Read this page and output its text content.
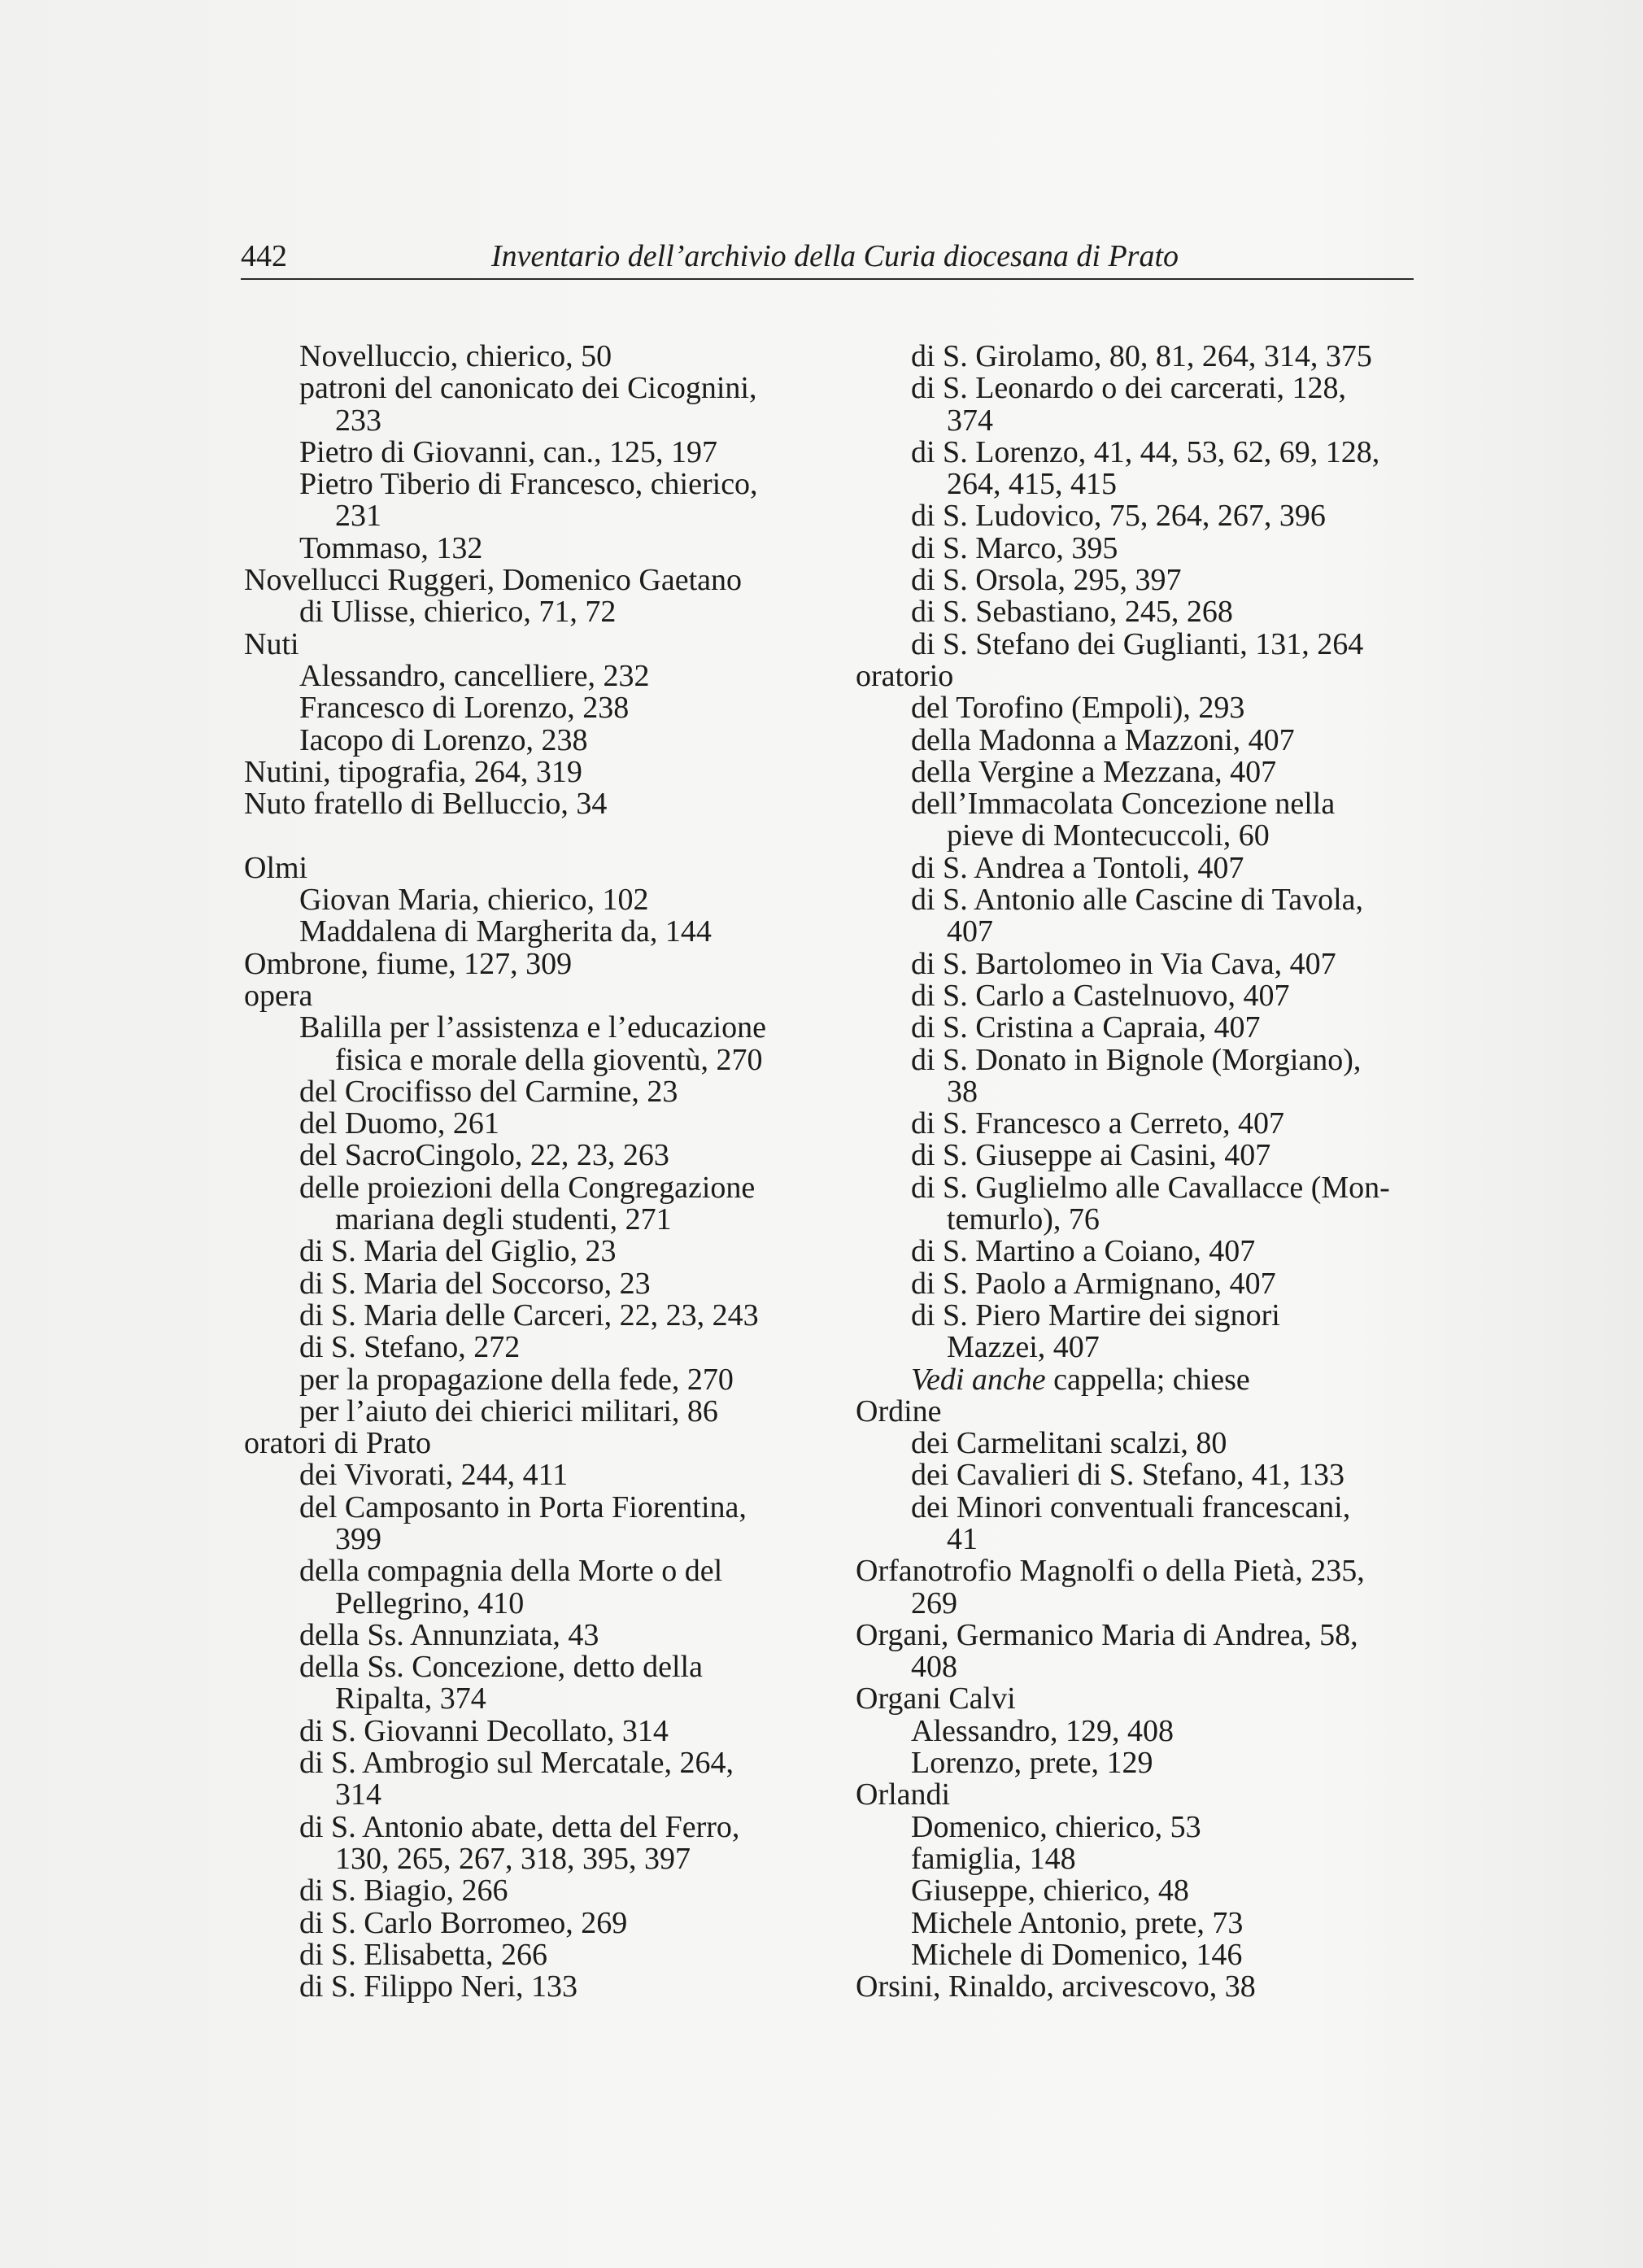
442	Inventario dell’archivio della Curia diocesana di Prato
Novelluccio, chierico, 50
patroni del canonicato dei Cicognini,
233
Pietro di Giovanni, can., 125, 197
Pietro Tiberio di Francesco, chierico,
231
Tommaso, 132
Novellucci Ruggeri, Domenico Gaetano
di Ulisse, chierico, 71, 72
Nuti
Alessandro, cancelliere, 232
Francesco di Lorenzo, 238
Iacopo di Lorenzo, 238
Nutini, tipografia, 264, 319
Nuto fratello di Belluccio, 34
Olmi
Giovan Maria, chierico, 102
Maddalena di Margherita da, 144
Ombrone, fiume, 127, 309
opera
Balilla per l’assistenza e l’educazione
fisica e morale della gioventù, 270
del Crocifisso del Carmine, 23
del Duomo, 261
del SacroCingolo, 22, 23, 263
delle proiezioni della Congregazione
mariana degli studenti, 271
di S. Maria del Giglio, 23
di S. Maria del Soccorso, 23
di S. Maria delle Carceri, 22, 23, 243
di S. Stefano, 272
per la propagazione della fede, 270
per l’aiuto dei chierici militari, 86
oratori di Prato
dei Vivorati, 244, 411
del Camposanto in Porta Fiorentina,
399
della compagnia della Morte o del
Pellegrino, 410
della Ss. Annunziata, 43
della Ss. Concezione, detto della
Ripalta, 374
di S. Giovanni Decollato, 314
di S. Ambrogio sul Mercatale, 264,
314
di S. Antonio abate, detta del Ferro,
130, 265, 267, 318, 395, 397
di S. Biagio, 266
di S. Carlo Borromeo, 269
di S. Elisabetta, 266
di S. Filippo Neri, 133
di S. Girolamo, 80, 81, 264, 314, 375
di S. Leonardo o dei carcerati, 128,
374
di S. Lorenzo, 41, 44, 53, 62, 69, 128,
264, 415, 415
di S. Ludovico, 75, 264, 267, 396
di S. Marco, 395
di S. Orsola, 295, 397
di S. Sebastiano, 245, 268
di S. Stefano dei Guglianti, 131, 264
oratorio
del Torofino (Empoli), 293
della Madonna a Mazzoni, 407
della Vergine a Mezzana, 407
dell’Immacolata Concezione nella
pieve di Montecuccoli, 60
di S. Andrea a Tontoli, 407
di S. Antonio alle Cascine di Tavola,
407
di S. Bartolomeo in Via Cava, 407
di S. Carlo a Castelnuovo, 407
di S. Cristina a Capraia, 407
di S. Donato in Bignole (Morgiano),
38
di S. Francesco a Cerreto, 407
di S. Giuseppe ai Casini, 407
di S. Guglielmo alle Cavallacce (Mon-
temurlo), 76
di S. Martino a Coiano, 407
di S. Paolo a Armignano, 407
di S. Piero Martire dei signori
Mazzei, 407
Vedi anche cappella; chiese
Ordine
dei Carmelitani scalzi, 80
dei Cavalieri di S. Stefano, 41, 133
dei Minori conventuali francescani,
41
Orfanotrofio Magnolfi o della Pietà, 235,
269
Organi, Germanico Maria di Andrea, 58,
408
Organi Calvi
Alessandro, 129, 408
Lorenzo, prete, 129
Orlandi
Domenico, chierico, 53
famiglia, 148
Giuseppe, chierico, 48
Michele Antonio, prete, 73
Michele di Domenico, 146
Orsini, Rinaldo, arcivescovo, 38
